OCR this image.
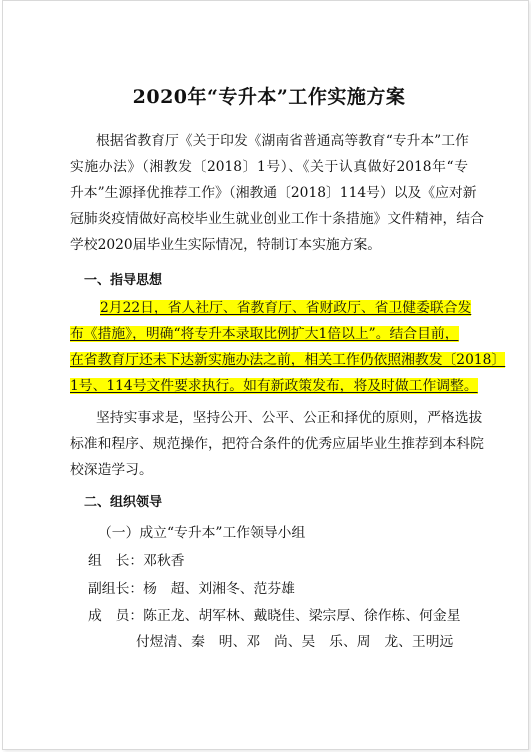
2020年“专升本”工作实施方案
根据省教育厅《关于印发《湖南省普通高等教育“专升本”工作
实施办法》（湘教发〔2018〕1号）、《关于认真做好2018年“专
升本”生源择优推荐工作》（湘教通〔2018〕114号）以及《应对新
冠肺炎疫情做好高校毕业生就业创业工作十条措施》文件精神，结合
学校2020届毕业生实际情况，特制订本实施方案。
一、指导思想
2月22日，省人社厅、省教育厅、省财政厅、省卫健委联合发
布《措施》，明确“将专升本录取比例扩大1倍以上”。结合目前，
在省教育厅还未下达新实施办法之前，相关工作仍依照湘教发〔2018〕
1号、114号文件要求执行。如有新政策发布，将及时做工作调整。
坚持实事求是，坚持公开、公平、公正和择优的原则，严格选拔
标准和程序、规范操作，把符合条件的优秀应届毕业生推荐到本科院
校深造学习。
二、组织领导
（一）成立“专升本”工作领导小组
组　长：邓秋香
副组长：杨　超、刘湘冬、范芬雄
成　员：陈正龙、胡军林、戴晓佳、梁宗厚、徐作栋、何金星
付煜清、秦　明、邓　尚、吴　乐、周　龙、王明远
